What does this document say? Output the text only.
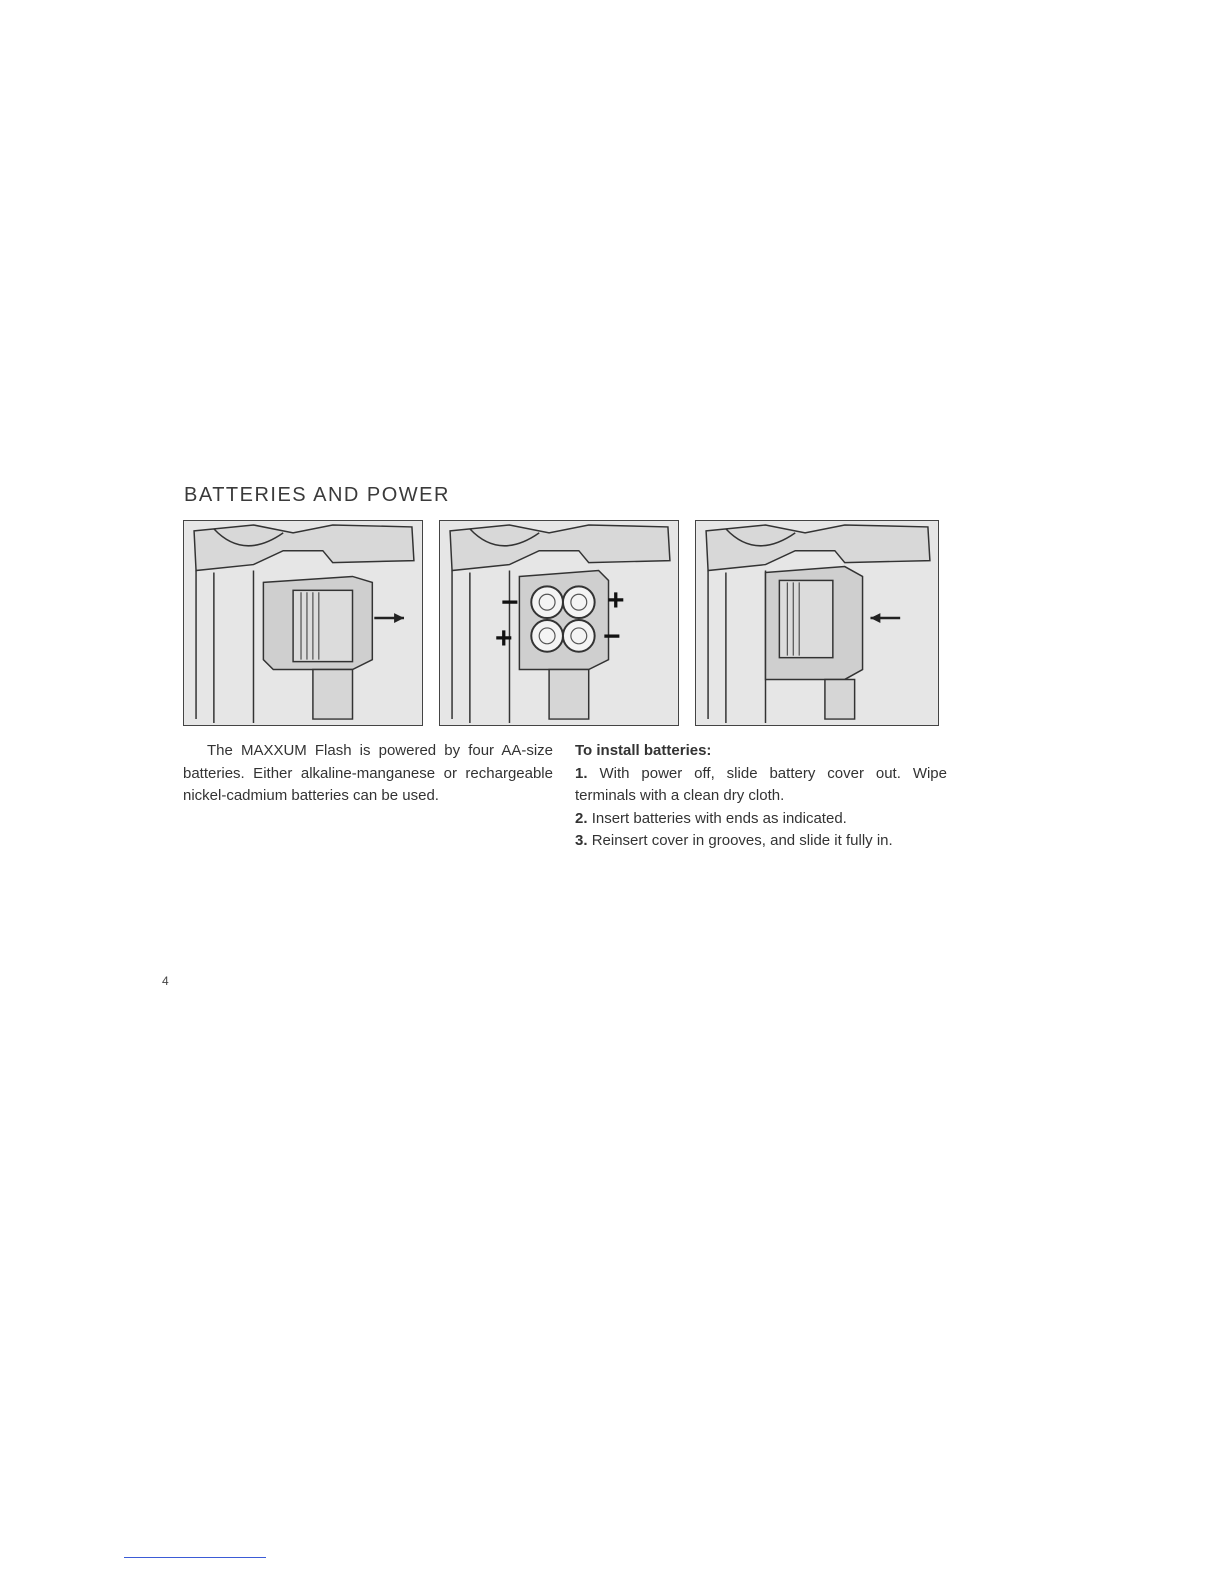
BATTERIES AND POWER
−	+
+	−

The MAXXUM Flash is powered by four AA-size batteries. Either alkaline-manganese or rechargeable nickel-cadmium batteries can be used.

To install batteries:

1. With power off, slide battery cover out. Wipe terminals with a clean dry cloth.

2. Insert batteries with ends as indicated.

3. Reinsert cover in grooves, and slide it fully in.

4
